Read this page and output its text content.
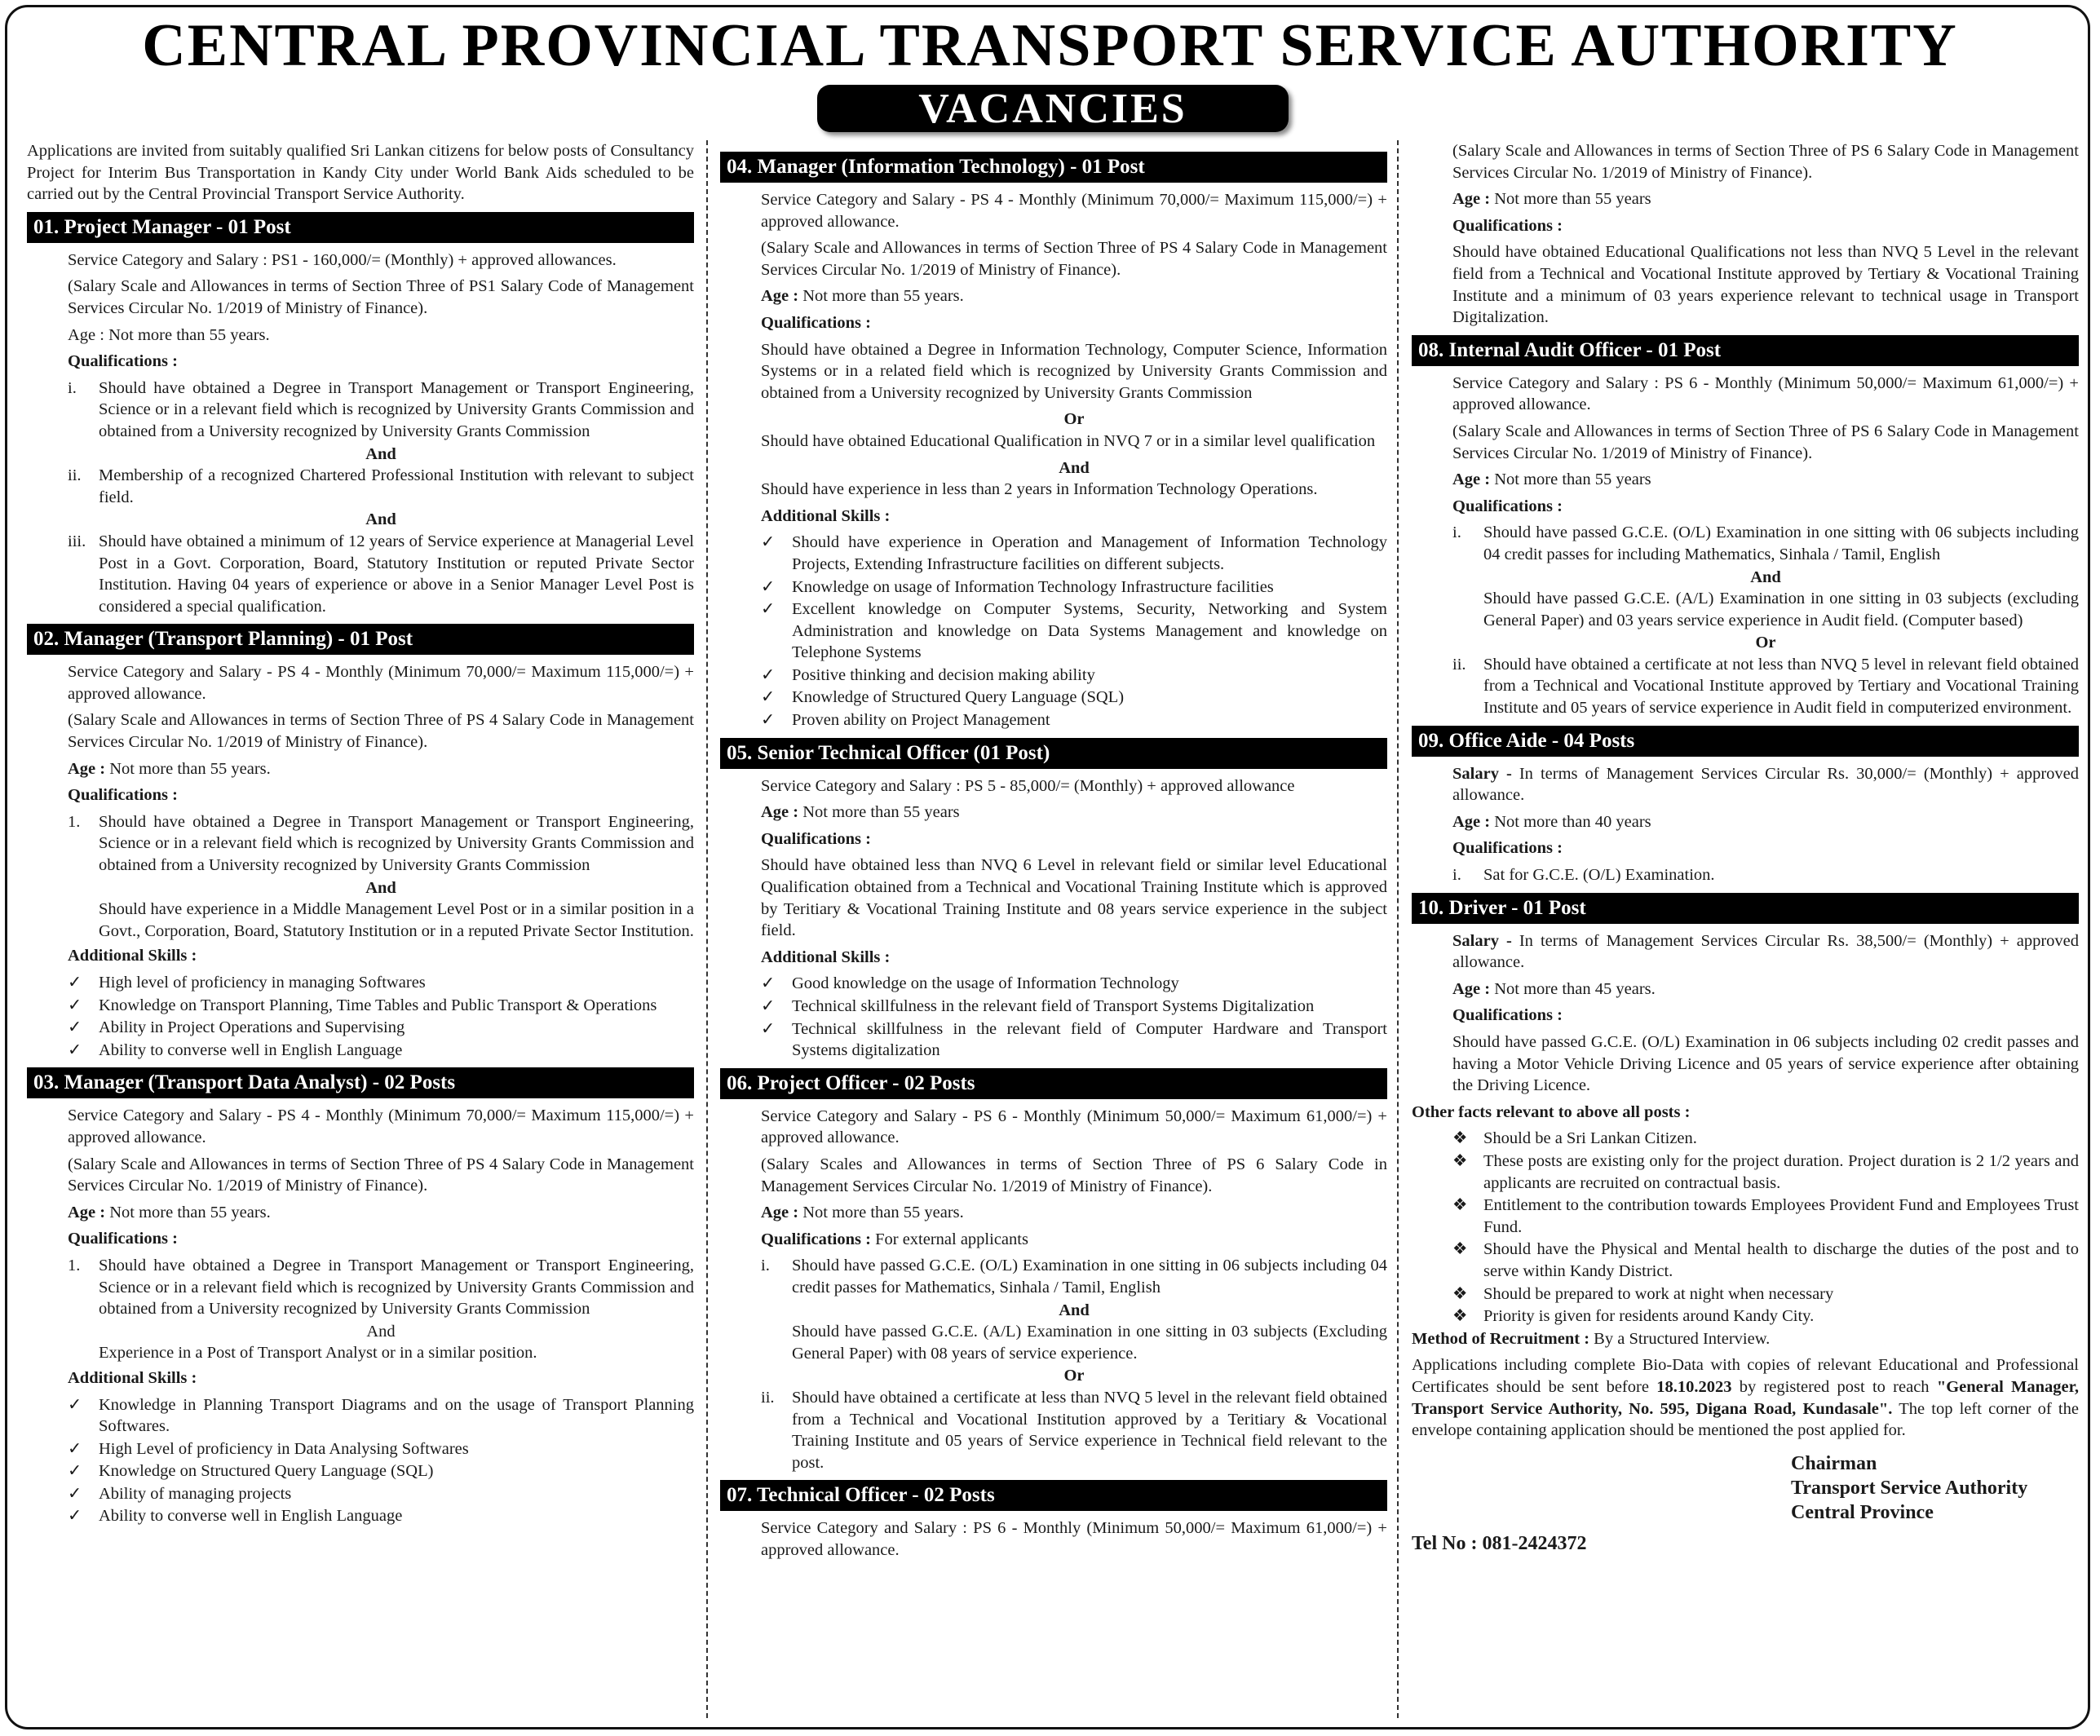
CENTRAL PROVINCIAL TRANSPORT SERVICE AUTHORITY
VACANCIES
Applications are invited from suitably qualified Sri Lankan citizens for below posts of Consultancy Project for Interim Bus Transportation in Kandy City under World Bank Aids scheduled to be carried out by the Central Provincial Transport Service Authority.
01. Project Manager - 01 Post
Service Category and Salary : PS1 - 160,000/= (Monthly) + approved allowances.
(Salary Scale and Allowances in terms of Section Three of PS1 Salary Code of Management Services Circular No. 1/2019 of Ministry of Finance).
Age : Not more than 55 years.
Qualifications :
i.	Should have obtained a Degree in Transport Management or Transport Engineering, Science or in a relevant field which is recognized by University Grants Commission and obtained from a University recognized by University Grants Commission
And
ii.	Membership of a recognized Chartered Professional Institution with relevant to subject field.
And
iii. Should have obtained a minimum of 12 years of Service experience at Managerial Level Post in a Govt. Corporation, Board, Statutory Institution or reputed Private Sector Institution. Having 04 years of experience or above in a Senior Manager Level Post is considered a special qualification.
02. Manager (Transport Planning) - 01 Post
Service Category and Salary - PS 4 - Monthly (Minimum 70,000/= Maximum 115,000/=) + approved allowance.
(Salary Scale and Allowances in terms of Section Three of PS 4 Salary Code in Management Services Circular No. 1/2019 of Ministry of Finance).
Age : Not more than 55 years.
Qualifications :
1.	Should have obtained a Degree in Transport Management or Transport Engineering, Science or in a relevant field which is recognized by University Grants Commission and obtained from a University recognized by University Grants Commission
And
Should have experience in a Middle Management Level Post or in a similar position in a Govt., Corporation, Board, Statutory Institution or in a reputed Private Sector Institution.
Additional Skills :
✓	High level of proficiency in managing Softwares
✓	Knowledge on Transport Planning, Time Tables and Public Transport & Operations
✓	Ability in Project Operations and Supervising
✓	Ability to converse well in English Language
03. Manager (Transport Data Analyst) - 02 Posts
Service Category and Salary - PS 4 - Monthly (Minimum 70,000/= Maximum 115,000/=) + approved allowance.
(Salary Scale and Allowances in terms of Section Three of PS 4 Salary Code in Management Services Circular No. 1/2019 of Ministry of Finance).
Age : Not more than 55 years.
Qualifications :
1.	Should have obtained a Degree in Transport Management or Transport Engineering, Science or in a relevant field which is recognized by University Grants Commission and obtained from a University recognized by University Grants Commission
And
Experience in a Post of Transport Analyst or in a similar position.
Additional Skills :
✓	Knowledge in Planning Transport Diagrams and on the usage of Transport Planning Softwares.
✓	High Level of proficiency in Data Analysing Softwares
✓	Knowledge on Structured Query Language (SQL)
✓	Ability of managing projects
✓	Ability to converse well in English Language
04. Manager (Information Technology) - 01 Post
Service Category and Salary - PS 4 - Monthly (Minimum 70,000/= Maximum 115,000/=) + approved allowance.
(Salary Scale and Allowances in terms of Section Three of PS 4 Salary Code in Management Services Circular No. 1/2019 of Ministry of Finance).
Age : Not more than 55 years.
Qualifications :
Should have obtained a Degree in Information Technology, Computer Science, Information Systems or in a related field which is recognized by University Grants Commission and obtained from a University recognized by University Grants Commission
Or
Should have obtained Educational Qualification in NVQ 7 or in a similar level qualification
And
Should have experience in less than 2 years in Information Technology Operations.
Additional Skills :
✓	Should have experience in Operation and Management of Information Technology Projects, Extending Infrastructure facilities on different subjects.
✓	Knowledge on usage of Information Technology Infrastructure facilities
✓	Excellent knowledge on Computer Systems, Security, Networking and System Administration and knowledge on Data Systems Management and knowledge on Telephone Systems
✓	Positive thinking and decision making ability
✓	Knowledge of Structured Query Language (SQL)
✓	Proven ability on Project Management
05. Senior Technical Officer (01 Post)
Service Category and Salary : PS 5 - 85,000/= (Monthly) + approved allowance
Age : Not more than 55 years
Qualifications :
Should have obtained less than NVQ 6 Level in relevant field or similar level Educational Qualification obtained from a Technical and Vocational Training Institute which is approved by Teritiary & Vocational Training Institute and 08 years service experience in the subject field.
Additional Skills :
✓	Good knowledge on the usage of Information Technology
✓	Technical skillfulness in the relevant field of Transport Systems Digitalization
✓	Technical skillfulness in the relevant field of Computer Hardware and Transport Systems digitalization
06. Project Officer - 02 Posts
Service Category and Salary - PS 6 - Monthly (Minimum 50,000/= Maximum 61,000/=) + approved allowance.
(Salary Scales and Allowances in terms of Section Three of PS 6 Salary Code in Management Services Circular No. 1/2019 of Ministry of Finance).
Age : Not more than 55 years.
Qualifications : For external applicants
i.	Should have passed G.C.E. (O/L) Examination in one sitting in 06 subjects including 04 credit passes for Mathematics, Sinhala / Tamil, English
And
Should have passed G.C.E. (A/L) Examination in one sitting in 03 subjects (Excluding General Paper) with 08 years of service experience.
Or
ii.	Should have obtained a certificate at less than NVQ 5 level in the relevant field obtained from a Technical and Vocational Institution approved by a Teritiary & Vocational Training Institute and 05 years of Service experience in Technical field relevant to the post.
07. Technical Officer - 02 Posts
Service Category and Salary : PS 6 - Monthly (Minimum 50,000/= Maximum 61,000/=) + approved allowance.
(Salary Scale and Allowances in terms of Section Three of PS 6 Salary Code in Management Services Circular No. 1/2019 of Ministry of Finance).
Age : Not more than 55 years
Qualifications :
Should have obtained Educational Qualifications not less than NVQ 5 Level in the relevant field from a Technical and Vocational Institute approved by Tertiary & Vocational Training Institute and a minimum of 03 years experience relevant to technical usage in Transport Digitalization.
08. Internal Audit Officer - 01 Post
Service Category and Salary : PS 6 - Monthly (Minimum 50,000/= Maximum 61,000/=) + approved allowance.
(Salary Scale and Allowances in terms of Section Three of PS 6 Salary Code in Management Services Circular No. 1/2019 of Ministry of Finance).
Age : Not more than 55 years
Qualifications :
i.	Should have passed G.C.E. (O/L) Examination in one sitting with 06 subjects including 04 credit passes for including Mathematics, Sinhala / Tamil, English
And
Should have passed G.C.E. (A/L) Examination in one sitting in 03 subjects (excluding General Paper) and 03 years service experience in Audit field. (Computer based)
Or
ii.	Should have obtained a certificate at not less than NVQ 5 level in relevant field obtained from a Technical and Vocational Institute approved by Tertiary and Vocational Training Institute and 05 years of service experience in Audit field in computerized environment.
09. Office Aide - 04 Posts
Salary - In terms of Management Services Circular Rs. 30,000/= (Monthly) + approved allowance.
Age : Not more than 40 years
Qualifications :
i.	Sat for G.C.E. (O/L) Examination.
10. Driver - 01 Post
Salary - In terms of Management Services Circular Rs. 38,500/= (Monthly) + approved allowance.
Age : Not more than 45 years.
Qualifications :
Should have passed G.C.E. (O/L) Examination in 06 subjects including 02 credit passes and having a Motor Vehicle Driving Licence and 05 years of service experience after obtaining the Driving Licence.
Other facts relevant to above all posts :
❖ Should be a Sri Lankan Citizen.
❖ These posts are existing only for the project duration. Project duration is 2 1/2 years and applicants are recruited on contractual basis.
❖ Entitlement to the contribution towards Employees Provident Fund and Employees Trust Fund.
❖ Should have the Physical and Mental health to discharge the duties of the post and to serve within Kandy District.
❖ Should be prepared to work at night when necessary
❖ Priority is given for residents around Kandy City.
Method of Recruitment : By a Structured Interview.
Applications including complete Bio-Data with copies of relevant Educational and Professional Certificates should be sent before 18.10.2023 by registered post to reach "General Manager, Transport Service Authority, No. 595, Digana Road, Kundasale". The top left corner of the envelope containing application should be mentioned the post applied for.
Chairman
Transport Service Authority
Central Province
Tel No : 081-2424372
